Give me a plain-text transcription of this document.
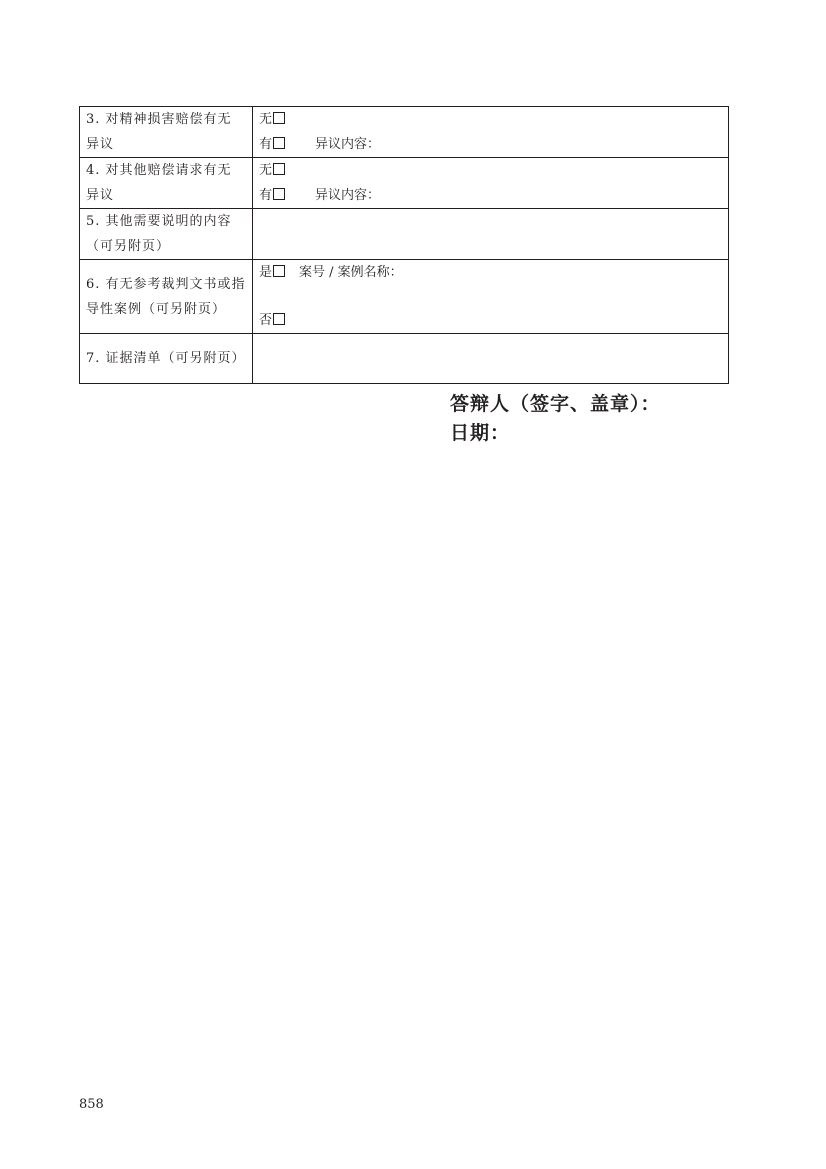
3. 对精神损害赔偿有无
异议	无
有 异议内容：

4. 对其他赔偿请求有无
异议	无
有 异议内容：

5. 其他需要说明的内容
（可另附页）	

6. 有无参考裁判文书或指
导性案例（可另附页）	是 案号 / 案例名称：
否

7. 证据清单（可另附页）	

答辩人（签字、盖章）：
日期：
858
